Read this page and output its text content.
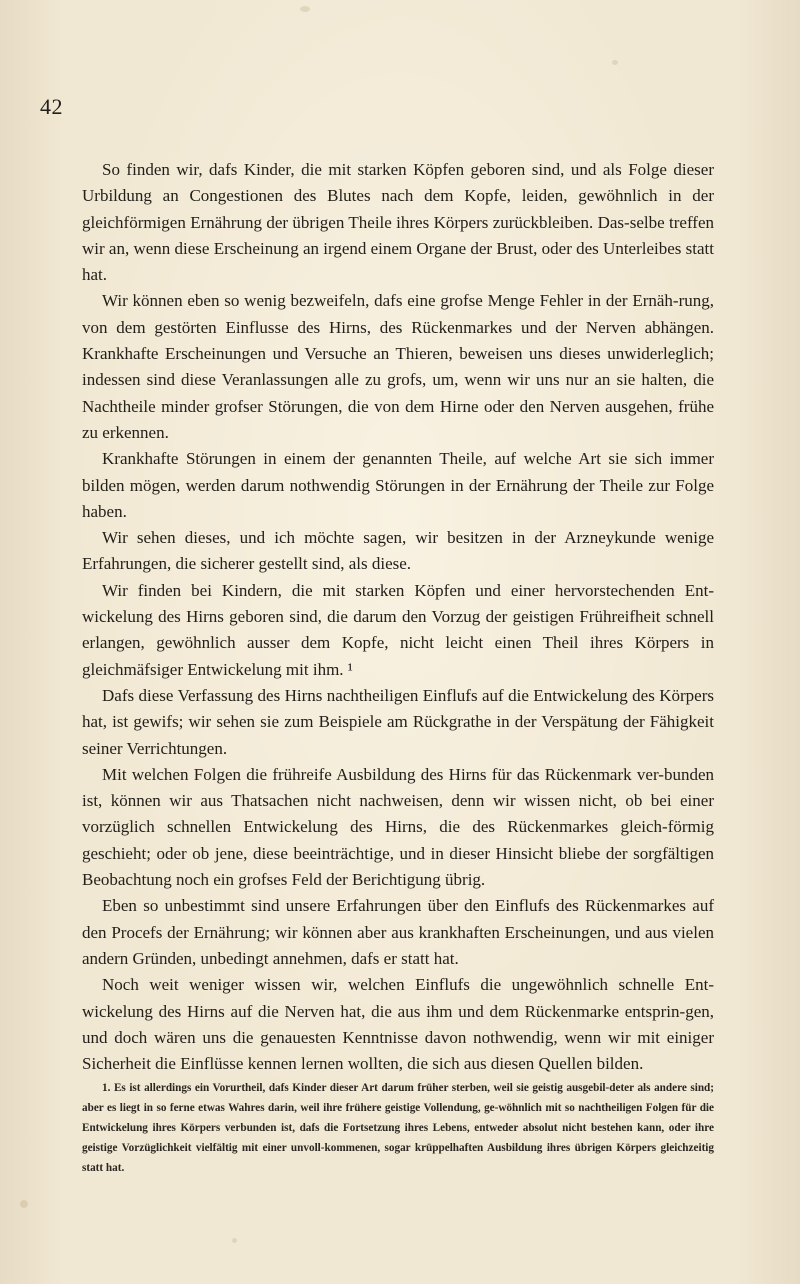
42

So finden wir, dafs Kinder, die mit starken Köpfen geboren sind, und als Folge dieser Urbildung an Congestionen des Blutes nach dem Kopfe, leiden, gewöhnlich in der gleichförmigen Ernährung der übrigen Theile ihres Körpers zurückbleiben. Das-selbe treffen wir an, wenn diese Erscheinung an irgend einem Organe der Brust, oder des Unterleibes statt hat.

Wir können eben so wenig bezweifeln, dafs eine grofse Menge Fehler in der Ernäh-rung, von dem gestörten Einflusse des Hirns, des Rückenmarkes und der Nerven abhängen. Krankhafte Erscheinungen und Versuche an Thieren, beweisen uns dieses unwiderleglich; indessen sind diese Veranlassungen alle zu grofs, um, wenn wir uns nur an sie halten, die Nachtheile minder grofser Störungen, die von dem Hirne oder den Nerven ausgehen, frühe zu erkennen.

Krankhafte Störungen in einem der genannten Theile, auf welche Art sie sich immer bilden mögen, werden darum nothwendig Störungen in der Ernährung der Theile zur Folge haben.

Wir sehen dieses, und ich möchte sagen, wir besitzen in der Arzneykunde wenige Erfahrungen, die sicherer gestellt sind, als diese.

Wir finden bei Kindern, die mit starken Köpfen und einer hervorstechenden Ent-wickelung des Hirns geboren sind, die darum den Vorzug der geistigen Frühreifheit schnell erlangen, gewöhnlich ausser dem Kopfe, nicht leicht einen Theil ihres Körpers in gleichmäfsiger Entwickelung mit ihm. ¹

Dafs diese Verfassung des Hirns nachtheiligen Einflufs auf die Entwickelung des Körpers hat, ist gewifs; wir sehen sie zum Beispiele am Rückgrathe in der Verspätung der Fähigkeit seiner Verrichtungen.

Mit welchen Folgen die frühreife Ausbildung des Hirns für das Rückenmark ver-bunden ist, können wir aus Thatsachen nicht nachweisen, denn wir wissen nicht, ob bei einer vorzüglich schnellen Entwickelung des Hirns, die des Rückenmarkes gleich-förmig geschieht; oder ob jene, diese beeinträchtige, und in dieser Hinsicht bliebe der sorgfältigen Beobachtung noch ein grofses Feld der Berichtigung übrig.

Eben so unbestimmt sind unsere Erfahrungen über den Einflufs des Rückenmarkes auf den Procefs der Ernährung; wir können aber aus krankhaften Erscheinungen, und aus vielen andern Gründen, unbedingt annehmen, dafs er statt hat.

Noch weit weniger wissen wir, welchen Einflufs die ungewöhnlich schnelle Ent-wickelung des Hirns auf die Nerven hat, die aus ihm und dem Rückenmarke entsprin-gen, und doch wären uns die genauesten Kenntnisse davon nothwendig, wenn wir mit einiger Sicherheit die Einflüsse kennen lernen wollten, die sich aus diesen Quellen bilden.

1. Es ist allerdings ein Vorurtheil, dafs Kinder dieser Art darum früher sterben, weil sie geistig ausgebil-deter als andere sind; aber es liegt in so ferne etwas Wahres darin, weil ihre frühere geistige Vollendung, ge-wöhnlich mit so nachtheiligen Folgen für die Entwickelung ihres Körpers verbunden ist, dafs die Fortsetzung ihres Lebens, entweder absolut nicht bestehen kann, oder ihre geistige Vorzüglichkeit vielfältig mit einer unvoll-kommenen, sogar krüppelhaften Ausbildung ihres übrigen Körpers gleichzeitig statt hat.
